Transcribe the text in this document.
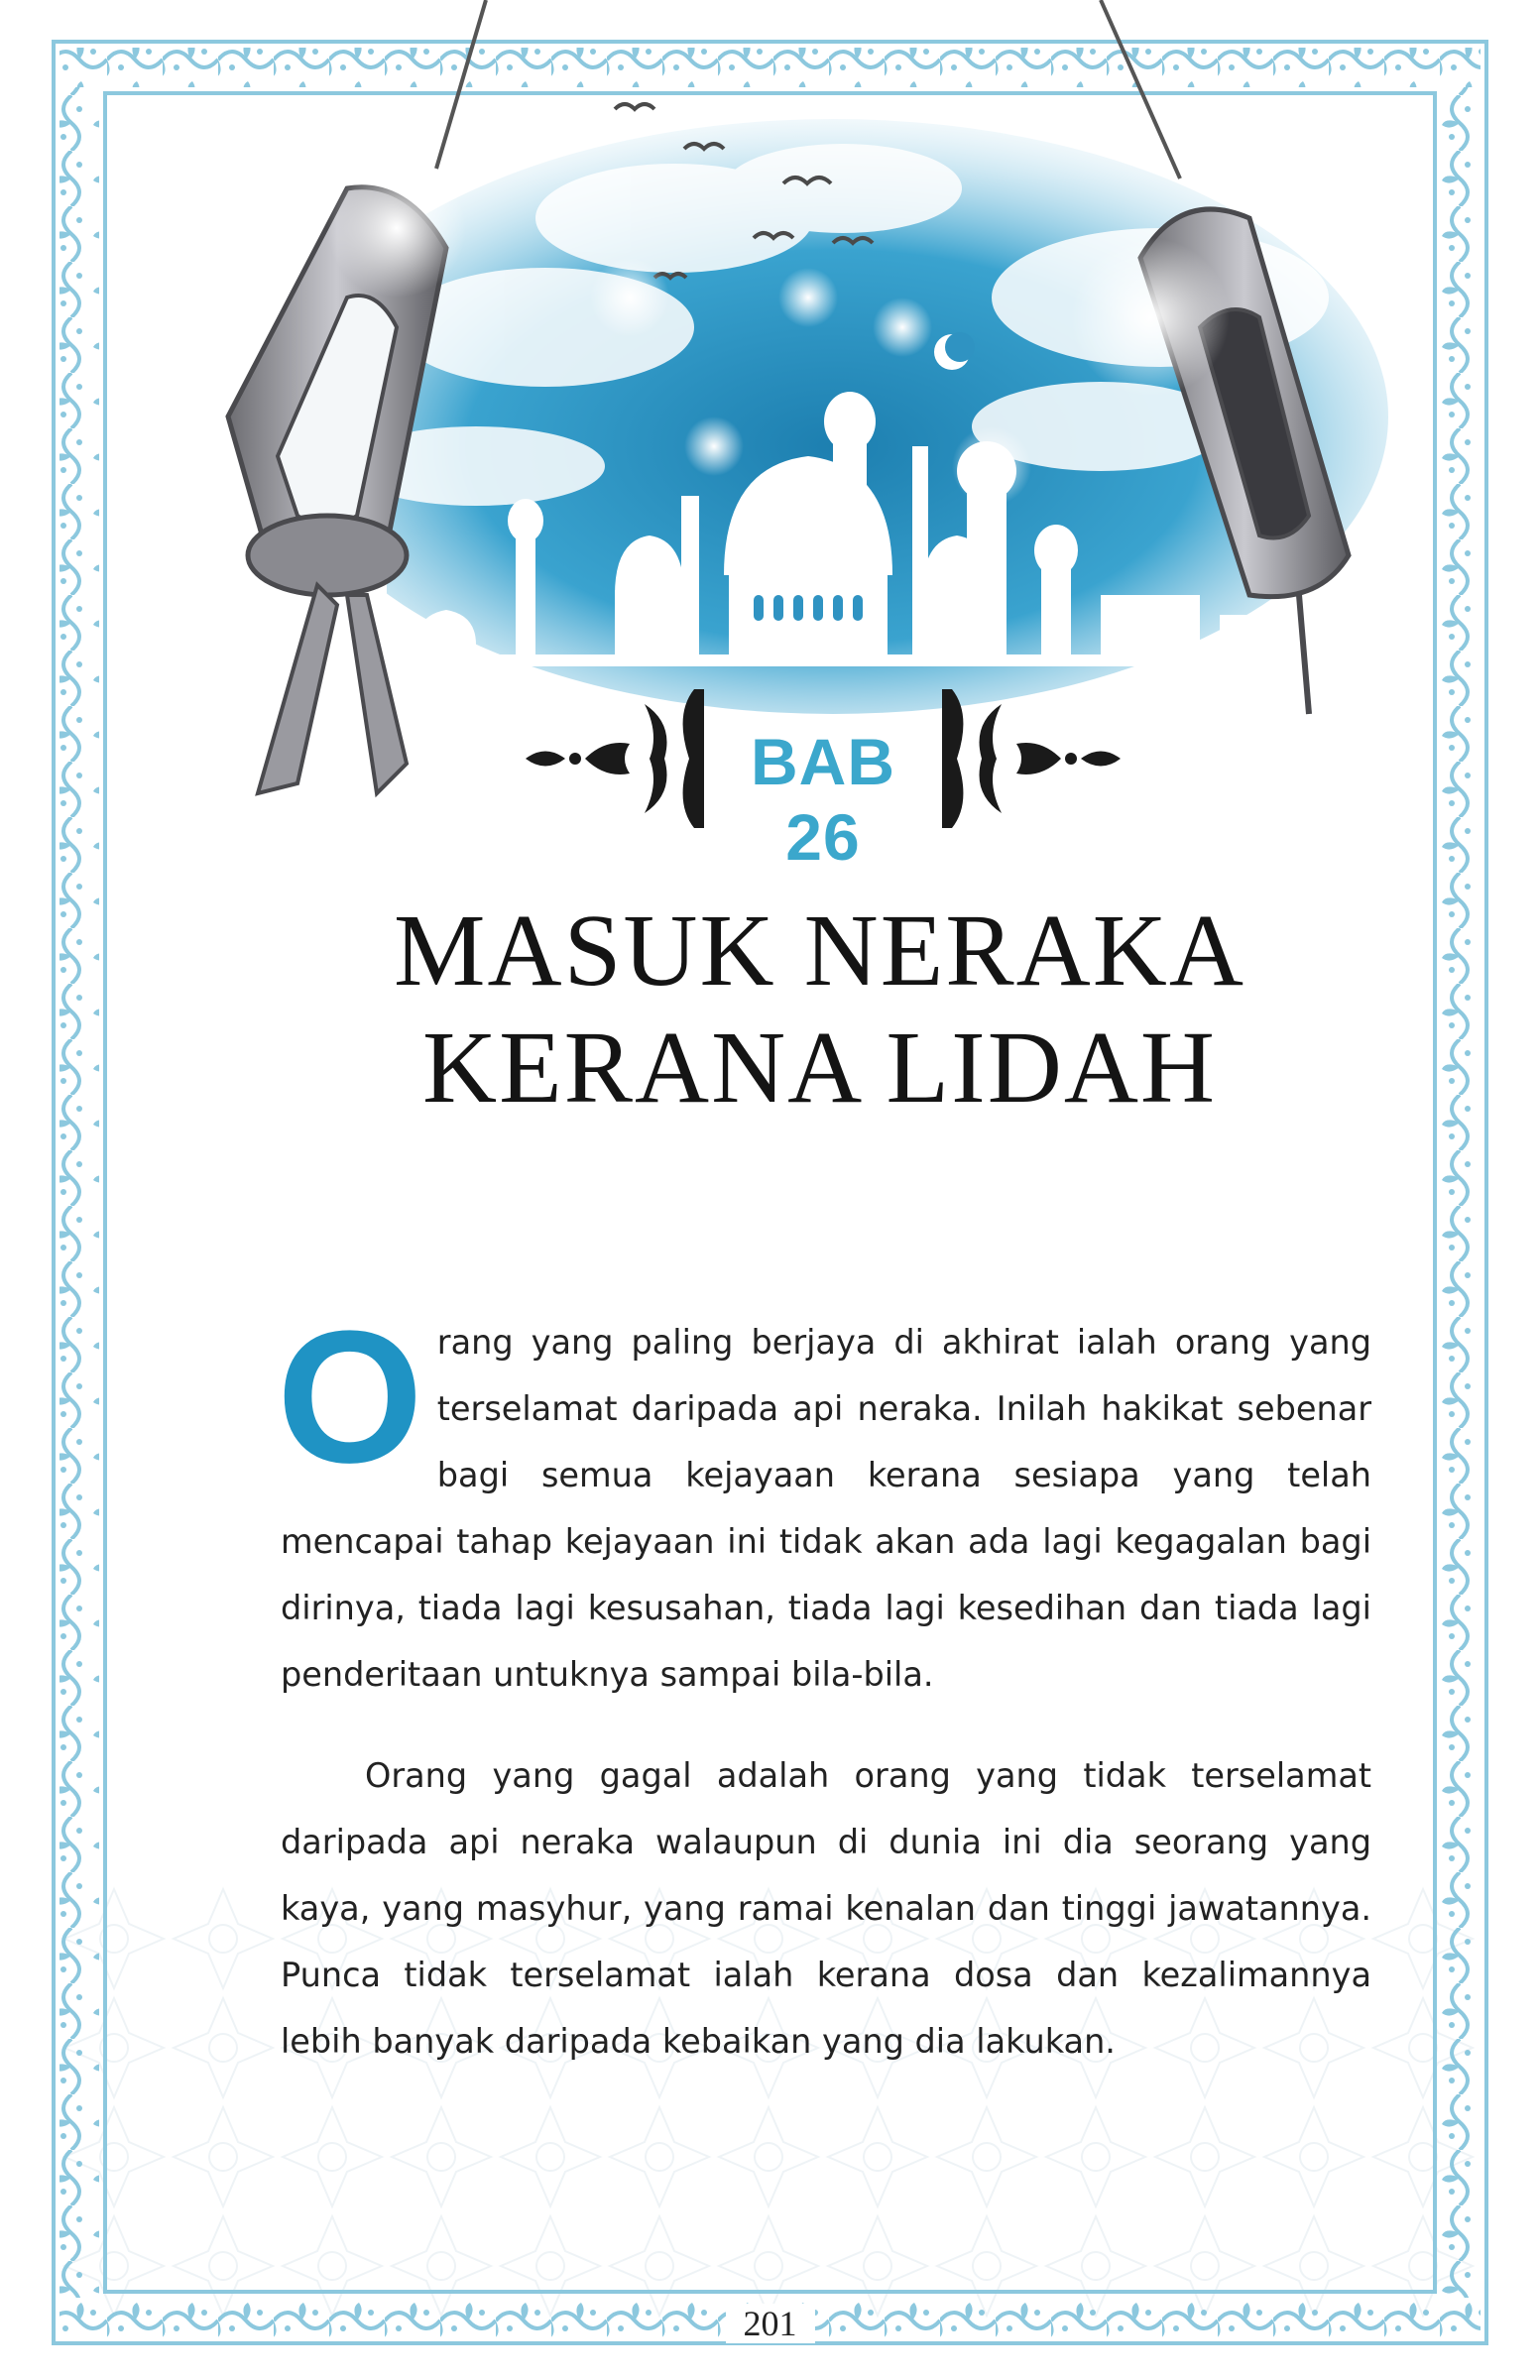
BAB 26
MASUK NERAKA
KERANA LIDAH

Orang yang paling berjaya di akhirat ialah orang yang terselamat daripada api neraka. Inilah hakikat sebenar bagi semua kejayaan kerana sesiapa yang telah mencapai tahap kejayaan ini tidak akan ada lagi kegagalan bagi dirinya, tiada lagi kesusahan, tiada lagi kesedihan dan tiada lagi penderitaan untuknya sampai bila-bila.

Orang yang gagal adalah orang yang tidak terselamat daripada api neraka walaupun di dunia ini dia seorang yang kaya, yang masyhur, yang ramai kenalan dan tinggi jawatannya. Punca tidak terselamat ialah kerana dosa dan kezalimannya lebih banyak daripada kebaikan yang dia lakukan.

201
